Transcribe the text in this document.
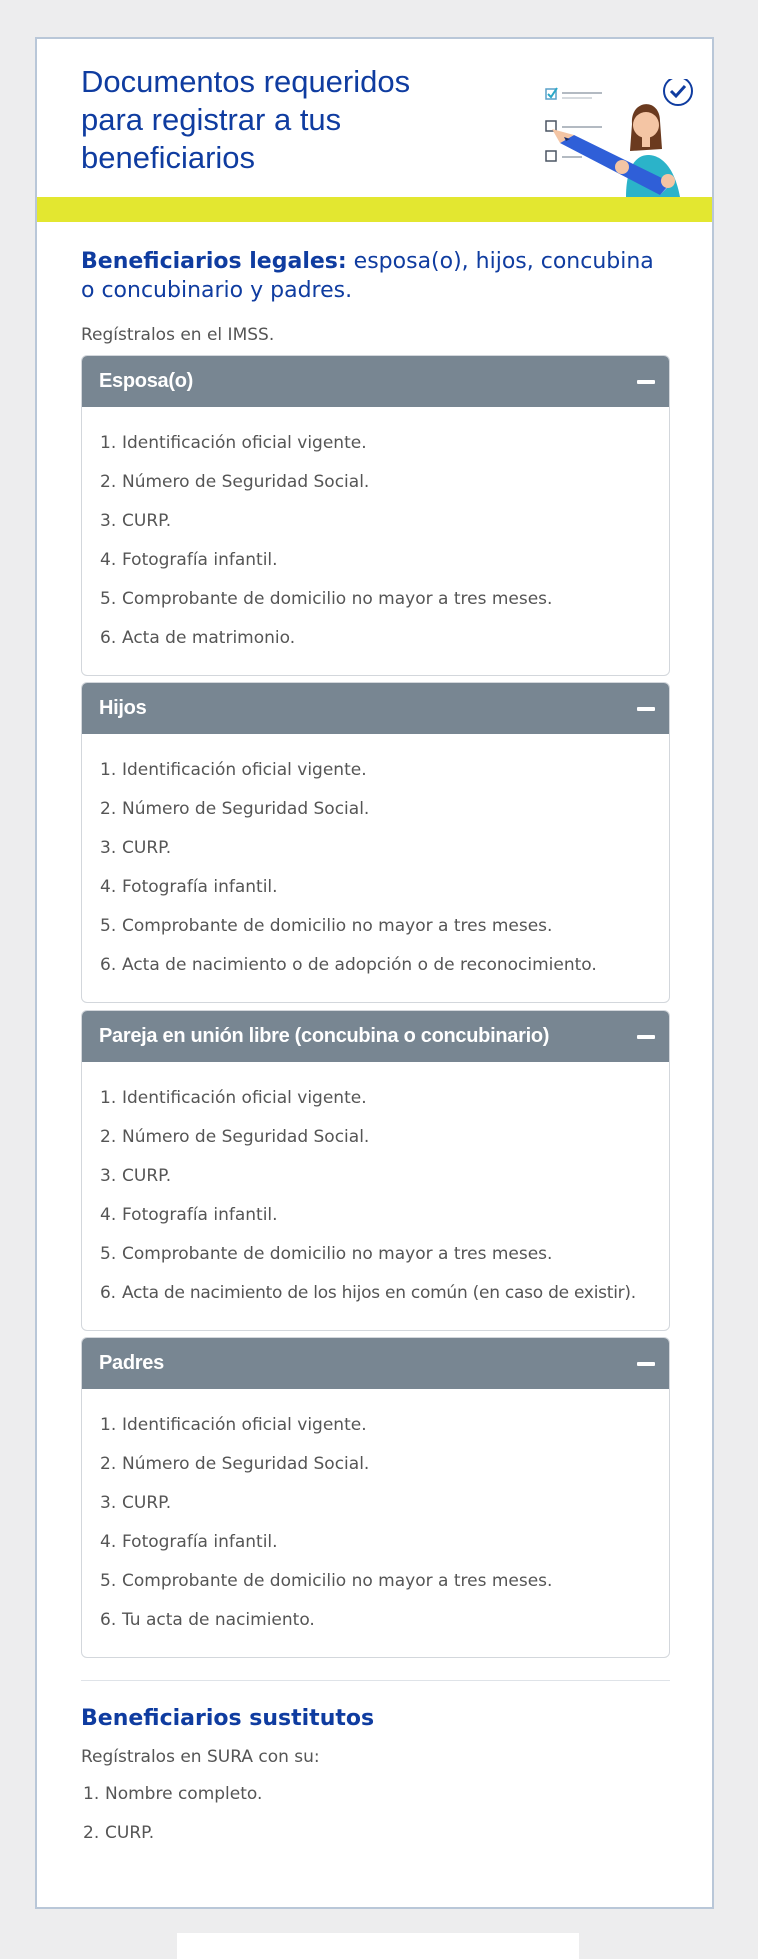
Documentos requeridos para registrar a tus beneficiarios
Beneficiarios legales: esposa(o), hijos, concubina o concubinario y padres.

Regístralos en el IMSS.

Esposa(o)
1. Identificación oficial vigente.
2. Número de Seguridad Social.
3. CURP.
4. Fotografía infantil.
5. Comprobante de domicilio no mayor a tres meses.
6. Acta de matrimonio.
Hijos
1. Identificación oficial vigente.
2. Número de Seguridad Social.
3. CURP.
4. Fotografía infantil.
5. Comprobante de domicilio no mayor a tres meses.
6. Acta de nacimiento o de adopción o de reconocimiento.
Pareja en unión libre (concubina o concubinario)
1. Identificación oficial vigente.
2. Número de Seguridad Social.
3. CURP.
4. Fotografía infantil.
5. Comprobante de domicilio no mayor a tres meses.
6. Acta de nacimiento de los hijos en común (en caso de existir).
Padres
1. Identificación oficial vigente.
2. Número de Seguridad Social.
3. CURP.
4. Fotografía infantil.
5. Comprobante de domicilio no mayor a tres meses.
6. Tu acta de nacimiento.
Beneficiarios sustitutos

Regístralos en SURA con su:

1. Nombre completo.
2. CURP.
